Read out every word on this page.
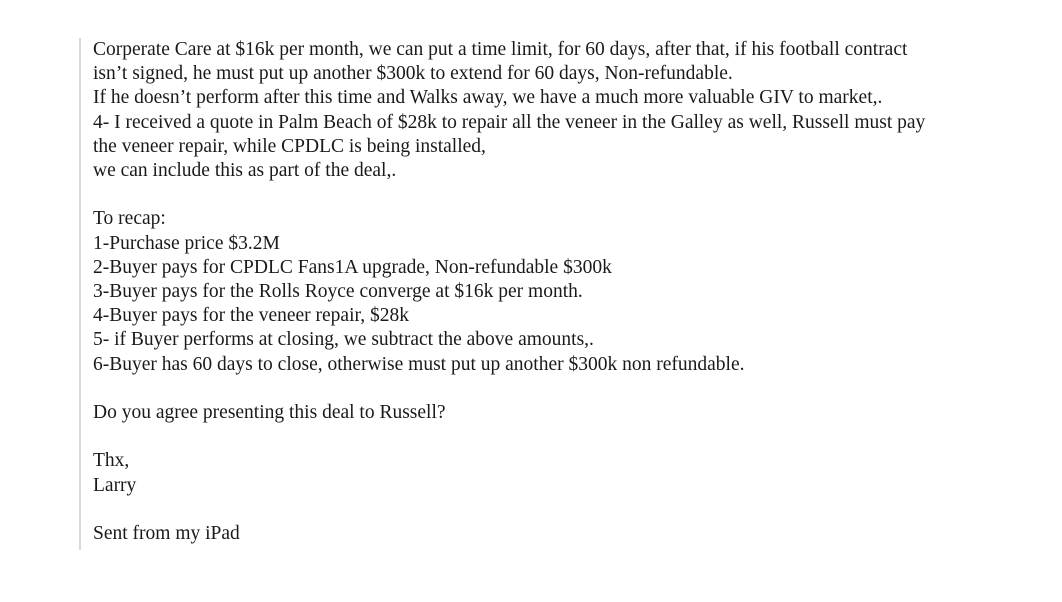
Corperate Care at $16k per month, we can put a time limit, for 60 days, after that, if his football contract
isn’t signed, he must put up another $300k to extend for 60 days, Non-refundable.
If he doesn’t perform after this time and Walks away, we have a much more valuable GIV to market,.
4- I received a quote in Palm Beach of $28k to repair all the veneer in the Galley as well, Russell must pay
the veneer repair, while CPDLC is being installed,
we can include this as part of the deal,.
To recap:
1-Purchase price $3.2M
2-Buyer pays for CPDLC Fans1A upgrade, Non-refundable $300k
3-Buyer pays for the Rolls Royce converge at $16k per month.
4-Buyer pays for the veneer repair, $28k
5- if Buyer performs at closing, we subtract the above amounts,.
6-Buyer has 60 days to close, otherwise must put up another $300k non refundable.
Do you agree presenting this deal to Russell?
Thx,
Larry
Sent from my iPad
